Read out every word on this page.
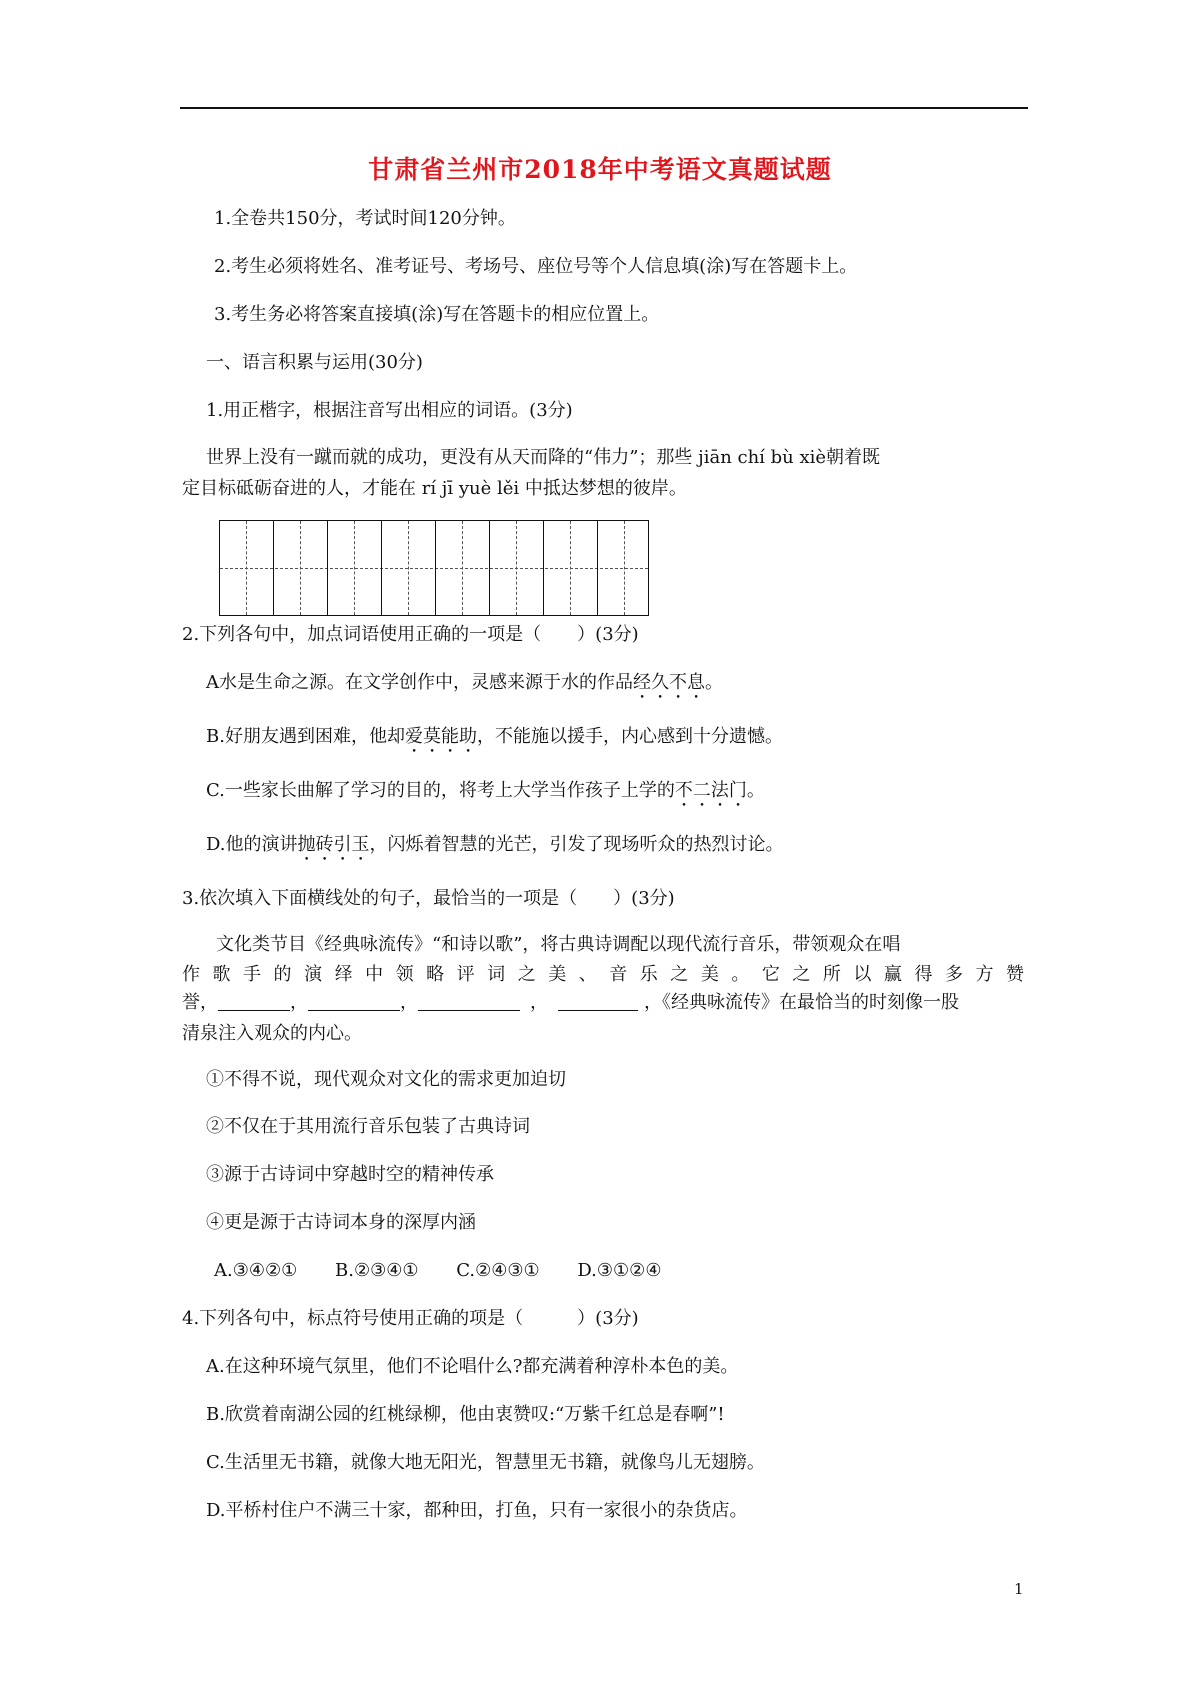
甘肃省兰州市2018年中考语文真题试题
1.全卷共150分，考试时间120分钟。
2.考生必须将姓名、准考证号、考场号、座位号等个人信息填(涂)写在答题卡上。
3.考生务必将答案直接填(涂)写在答题卡的相应位置上。
一、语言积累与运用(30分)
1.用正楷字，根据注音写出相应的词语。(3分)
世界上没有一蹴而就的成功，更没有从天而降的“伟力”；那些 jiān chí bù xiè朝着既
定目标砥砺奋进的人，才能在 rí jī yuè lěi 中抵达梦想的彼岸。
2.下列各句中，加点词语使用正确的一项是（　　）(3分)
A水是生命之源。在文学创作中，灵感来源于水的作品经久不息。
B.好朋友遇到困难，他却爱莫能助，不能施以援手，内心感到十分遗憾。
C.一些家长曲解了学习的目的，将考上大学当作孩子上学的不二法门。
D.他的演讲抛砖引玉，闪烁着智慧的光芒，引发了现场听众的热烈讨论。
3.依次填入下面横线处的句子，最恰当的一项是（　　）(3分)
文化类节目《经典咏流传》“和诗以歌”，将古典诗调配以现代流行音乐，带领观众在唱
作歌手的演绎中领略评词之美、音乐之美。它之所以赢得多方赞
誉，	，	，	，	，《经典咏流传》在最恰当的时刻像一股
清泉注入观众的内心。
①不得不说，现代观众对文化的需求更加迫切
②不仅在于其用流行音乐包装了古典诗词
③源于古诗词中穿越时空的精神传承
④更是源于古诗词本身的深厚内涵
A.③④②① B.②③④① C.②④③① D.③①②④
4.下列各句中，标点符号使用正确的项是（　　　）(3分)
A.在这种环境气氛里，他们不论唱什么?都充满着种淳朴本色的美。
B.欣赏着南湖公园的红桃绿柳，他由衷赞叹:“万紫千红总是春啊”!
C.生活里无书籍，就像大地无阳光，智慧里无书籍，就像鸟儿无翅膀。
D.平桥村住户不满三十家，都种田，打鱼，只有一家很小的杂货店。
1
